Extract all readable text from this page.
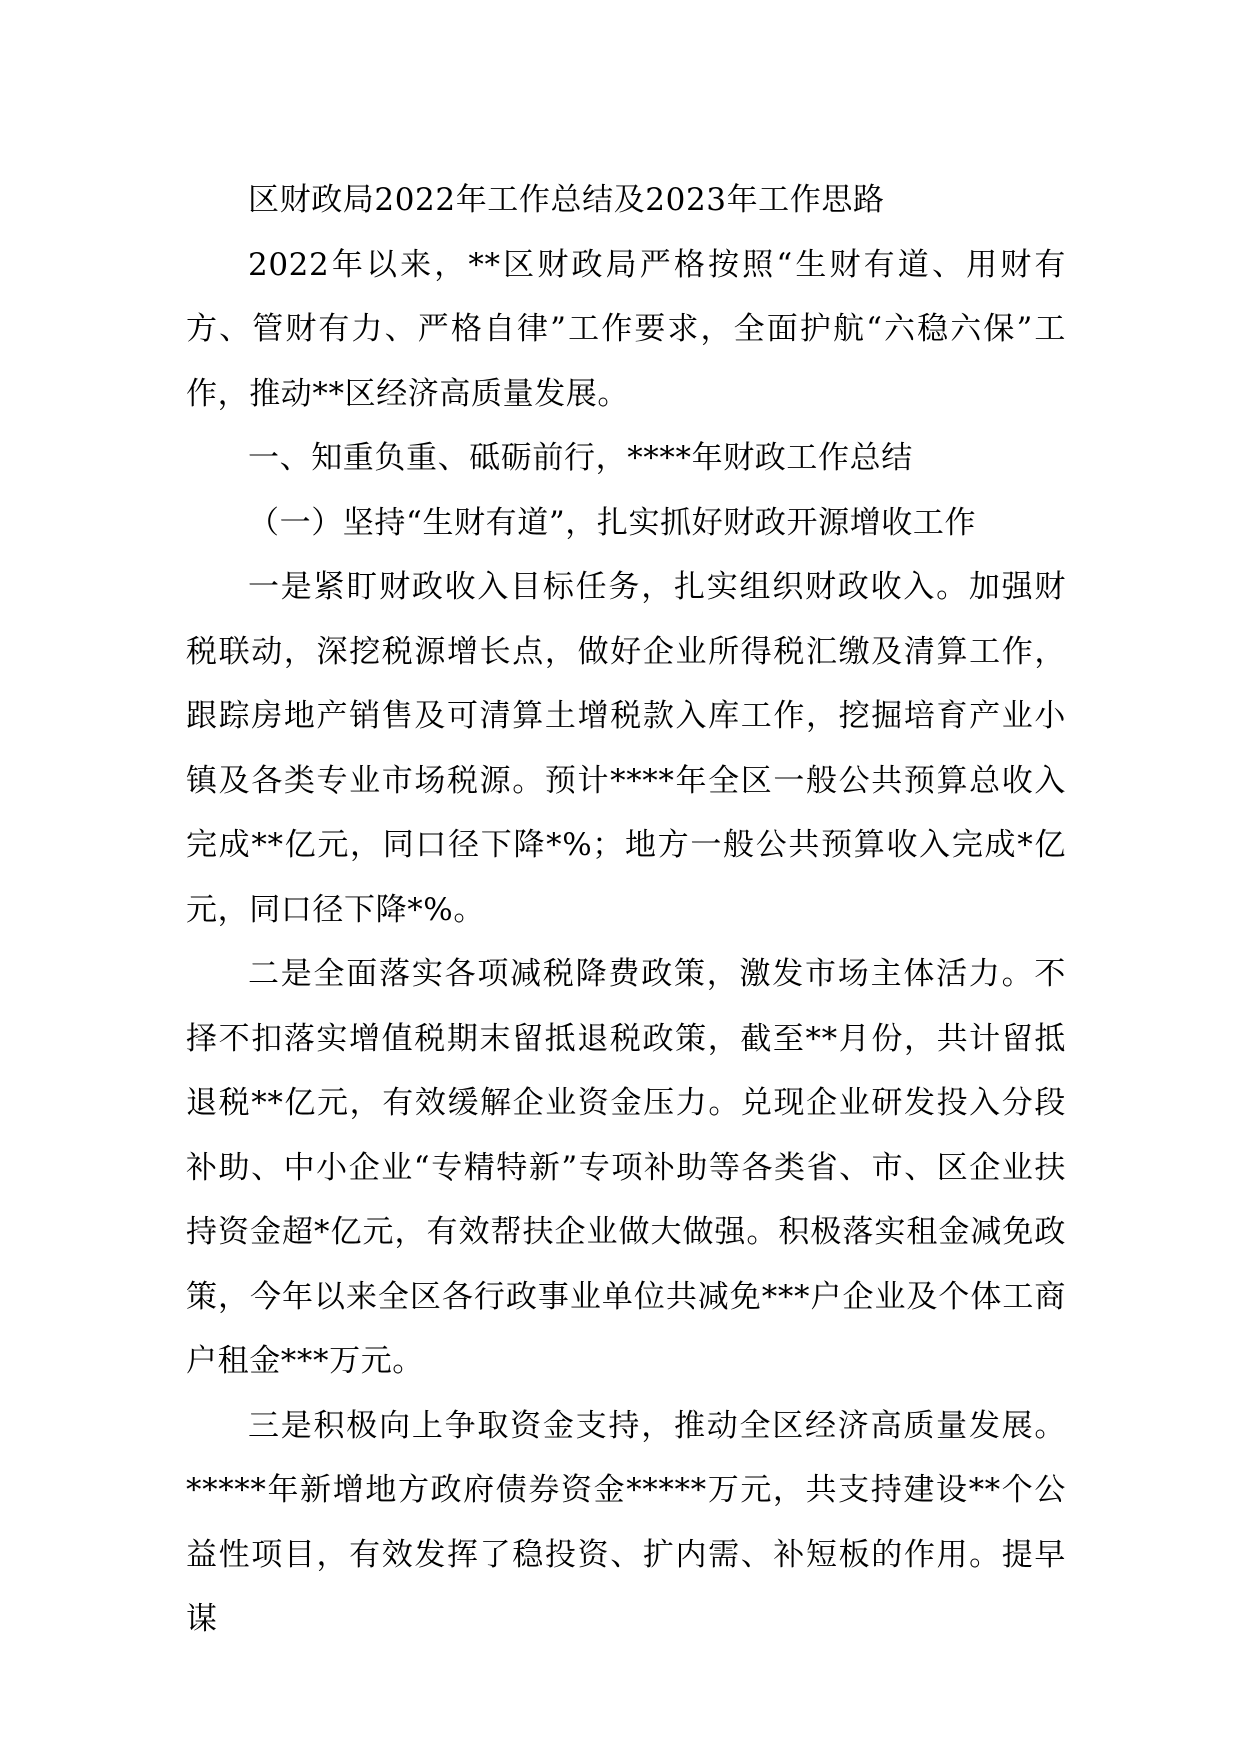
区财政局2022年工作总结及2023年工作思路

2022年以来，**区财政局严格按照“生财有道、用财有方、管财有力、严格自律”工作要求，全面护航“六稳六保”工作，推动**区经济高质量发展。

一、知重负重、砥砺前行，****年财政工作总结

（一）坚持“生财有道”，扎实抓好财政开源增收工作

一是紧盯财政收入目标任务，扎实组织财政收入。加强财税联动，深挖税源增长点，做好企业所得税汇缴及清算工作，跟踪房地产销售及可清算土增税款入库工作，挖掘培育产业小镇及各类专业市场税源。预计****年全区一般公共预算总收入完成**亿元，同口径下降*%；地方一般公共预算收入完成*亿元，同口径下降*%。

二是全面落实各项减税降费政策，激发市场主体活力。不择不扣落实增值税期末留抵退税政策，截至**月份，共计留抵退税**亿元，有效缓解企业资金压力。兑现企业研发投入分段补助、中小企业“专精特新”专项补助等各类省、市、区企业扶持资金超*亿元，有效帮扶企业做大做强。积极落实租金减免政策，今年以来全区各行政事业单位共减免***户企业及个体工商户租金***万元。

三是积极向上争取资金支持，推动全区经济高质量发展。*****年新增地方政府债券资金*****万元，共支持建设**个公益性项目，有效发挥了稳投资、扩内需、补短板的作用。提早谋
